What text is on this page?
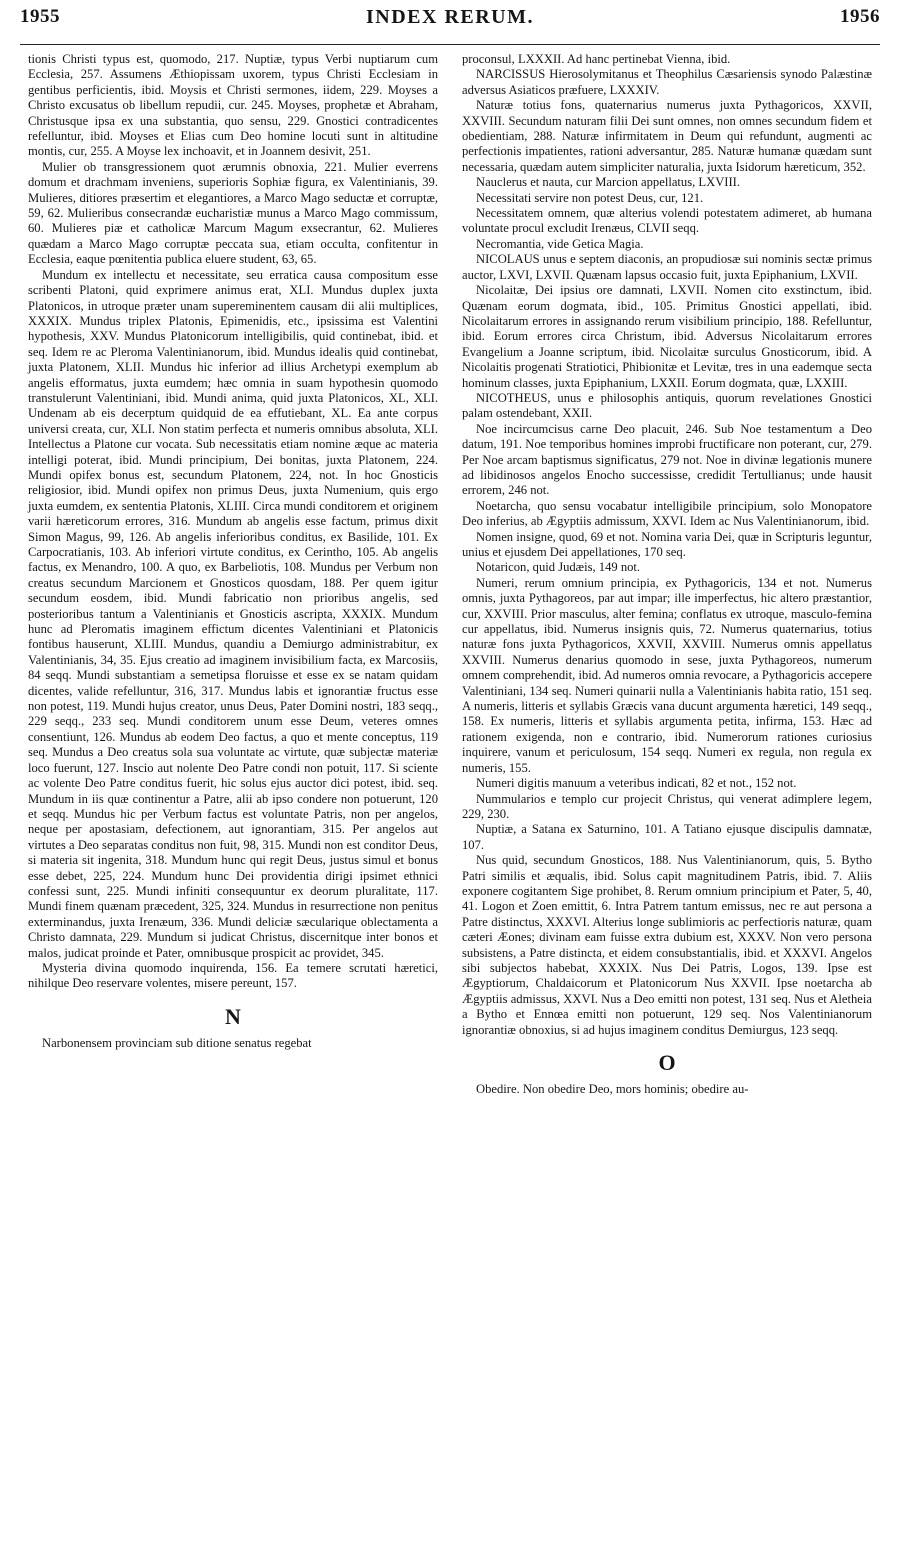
1955	INDEX RERUM.	1956

tionis Christi typus est, quomodo, 217. Nuptiæ, typus Verbi nuptiarum cum Ecclesia, 257. Assumens Æthiopissam uxorem, typus Christi Ecclesiam in gentibus perficientis, ibid. Moysis et Christi sermones, iidem, 229. Moyses a Christo excusatus ob libellum repudii, cur. 245. Moyses, prophetæ et Abraham, Christusque ipsa ex una substantia, quo sensu, 229. Gnostici contradicentes refelluntur, ibid. Moyses et Elias cum Deo homine locuti sunt in altitudine montis, cur, 255. A Moyse lex inchoavit, et in Joannem desivit, 251.

Mulier ob transgressionem quot ærumnis obnoxia, 221. Mulier everrens domum et drachmam inveniens, superioris Sophiæ figura, ex Valentinianis, 39. Mulieres, ditiores præsertim et elegantiores, a Marco Mago seductæ et corruptæ, 59, 62. Mulieribus consecrandæ eucharistiæ munus a Marco Mago commissum, 60. Mulieres piæ et catholicæ Marcum Magum exsecrantur, 62. Mulieres quædam a Marco Mago corruptæ peccata sua, etiam occulta, confitentur in Ecclesia, eaque pœnitentia publica eluere student, 63, 65.

Mundum ex intellectu et necessitate, seu erratica causa compositum esse scribenti Platoni, quid exprimere animus erat, XLI. Mundus duplex juxta Platonicos, in utroque præter unam supereminentem causam dii alii multiplices, XXXIX. Mundus triplex Platonis, Epimenidis, etc., ipsissima est Valentini hypothesis, XXV. Mundus Platonicorum intelligibilis, quid continebat, ibid. et seq. Idem re ac Pleroma Valentinianorum, ibid. Mundus idealis quid continebat, juxta Platonem, XLII. Mundus hic inferior ad illius Archetypi exemplum ab angelis efformatus, juxta eumdem; hæc omnia in suam hypothesin quomodo transtulerunt Valentiniani, ibid. Mundi anima, quid juxta Platonicos, XL, XLI. Undenam ab eis decerptum quidquid de ea effutiebant, XL. Ea ante corpus universi creata, cur, XLI. Non statim perfecta et numeris omnibus absoluta, XLI. Intellectus a Platone cur vocata. Sub necessitatis etiam nomine æque ac materia intelligi poterat, ibid. Mundi principium, Dei bonitas, juxta Platonem, 224. Mundi opifex bonus est, secundum Platonem, 224, not. In hoc Gnosticis religiosior, ibid. Mundi opifex non primus Deus, juxta Numenium, quis ergo juxta eumdem, ex sententia Platonis, XLIII. Circa mundi conditorem et originem varii hæreticorum errores, 316. Mundum ab angelis esse factum, primus dixit Simon Magus, 99, 126. Ab angelis inferioribus conditus, ex Basilide, 101. Ex Carpocratianis, 103. Ab inferiori virtute conditus, ex Cerintho, 105. Ab angelis factus, ex Menandro, 100. A quo, ex Barbeliotis, 108. Mundus per Verbum non creatus secundum Marcionem et Gnosticos quosdam, 188. Per quem igitur secundum eosdem, ibid. Mundi fabricatio non prioribus angelis, sed posterioribus tantum a Valentinianis et Gnosticis ascripta, XXXIX. Mundum hunc ad Pleromatis imaginem effictum dicentes Valentiniani et Platonicis fontibus hauserunt, XLIII. Mundus, quandiu a Demiurgo administrabitur, ex Valentinianis, 34, 35. Ejus creatio ad imaginem invisibilium facta, ex Marcosiis, 84 seqq. Mundi substantiam a semetipsa floruisse et esse ex se natam quidam dicentes, valide refelluntur, 316, 317. Mundus labis et ignorantiæ fructus esse non potest, 119. Mundi hujus creator, unus Deus, Pater Domini nostri, 183 seqq., 229 seqq., 233 seq. Mundi conditorem unum esse Deum, veteres omnes consentiunt, 126. Mundus ab eodem Deo factus, a quo et mente conceptus, 119 seq. Mundus a Deo creatus sola sua voluntate ac virtute, quæ subjectæ materiæ loco fuerunt, 127. Inscio aut nolente Deo Patre condi non potuit, 117. Si sciente ac volente Deo Patre conditus fuerit, hic solus ejus auctor dici potest, ibid. seq. Mundum in iis quæ continentur a Patre, alii ab ipso condere non potuerunt, 120 et seqq. Mundus hic per Verbum factus est voluntate Patris, non per angelos, neque per apostasiam, defectionem, aut ignorantiam, 315. Per angelos aut virtutes a Deo separatas conditus non fuit, 98, 315. Mundi non est conditor Deus, si materia sit ingenita, 318. Mundum hunc qui regit Deus, justus simul et bonus esse debet, 225, 224. Mundum hunc Dei providentia dirigi ipsimet ethnici confessi sunt, 225. Mundi infiniti consequuntur ex deorum pluralitate, 117. Mundi finem quænam præcedent, 325, 324. Mundus in resurrectione non penitus exterminandus, juxta Irenæum, 336. Mundi deliciæ sæcularique oblectamenta a Christo damnata, 229. Mundum si judicat Christus, discernitque inter bonos et malos, judicat proinde et Pater, omnibusque prospicit ac providet, 345.

Mysteria divina quomodo inquirenda, 156. Ea temere scrutati hæretici, nihilque Deo reservare volentes, misere pereunt, 157.

N

Narbonensem provinciam sub ditione senatus regebat

proconsul, LXXXII. Ad hanc pertinebat Vienna, ibid.

NARCISSUS Hierosolymitanus et Theophilus Cæsariensis synodo Palæstinæ adversus Asiaticos præfuere, LXXXIV.

Naturæ totius fons, quaternarius numerus juxta Pythagoricos, XXVII, XXVIII. Secundum naturam filii Dei sunt omnes, non omnes secundum fidem et obedientiam, 288. Naturæ infirmitatem in Deum qui refundunt, augmenti ac perfectionis impatientes, rationi adversantur, 285. Naturæ humanæ quædam sunt necessaria, quædam autem simpliciter naturalia, juxta Isidorum hæreticum, 352.

Nauclerus et nauta, cur Marcion appellatus, LXVIII.

Necessitati servire non potest Deus, cur, 121.

Necessitatem omnem, quæ alterius volendi potestatem adimeret, ab humana voluntate procul excludit Irenæus, CLVII seqq.

Necromantia, vide Getica Magia.

NICOLAUS unus e septem diaconis, an propudiosæ sui nominis sectæ primus auctor, LXVI, LXVII. Quænam lapsus occasio fuit, juxta Epiphanium, LXVII.

Nicolaitæ, Dei ipsius ore damnati, LXVII. Nomen cito exstinctum, ibid. Quænam eorum dogmata, ibid., 105. Primitus Gnostici appellati, ibid. Nicolaitarum errores in assignando rerum visibilium principio, 188. Refelluntur, ibid. Eorum errores circa Christum, ibid. Adversus Nicolaitarum errores Evangelium a Joanne scriptum, ibid. Nicolaitæ surculus Gnosticorum, ibid. A Nicolaitis progenati Stratiotici, Phibionitæ et Levitæ, tres in una eademque secta hominum classes, juxta Epiphanium, LXXII. Eorum dogmata, quæ, LXXIII.

NICOTHEUS, unus e philosophis antiquis, quorum revelationes Gnostici palam ostendebant, XXII.

Noe incircumcisus carne Deo placuit, 246. Sub Noe testamentum a Deo datum, 191. Noe temporibus homines improbi fructificare non poterant, cur, 279. Per Noe arcam baptismus significatus, 279 not. Noe in divinæ legationis munere ad libidinosos angelos Enocho successisse, credidit Tertullianus; unde hausit errorem, 246 not.

Noetarcha, quo sensu vocabatur intelligibile principium, solo Monopatore Deo inferius, ab Ægyptiis admissum, XXVI. Idem ac Nus Valentinianorum, ibid.

Nomen insigne, quod, 69 et not. Nomina varia Dei, quæ in Scripturis leguntur, unius et ejusdem Dei appellationes, 170 seq.

Notaricon, quid Judæis, 149 not.

Numeri, rerum omnium principia, ex Pythagoricis, 134 et not. Numerus omnis, juxta Pythagoreos, par aut impar; ille imperfectus, hic altero præstantior, cur, XXVIII. Prior masculus, alter femina; conflatus ex utroque, masculo-femina cur appellatus, ibid. Numerus insignis quis, 72. Numerus quaternarius, totius naturæ fons juxta Pythagoricos, XXVII, XXVIII. Numerus omnis appellatus XXVIII. Numerus denarius quomodo in sese, juxta Pythagoreos, numerum omnem comprehendit, ibid. Ad numeros omnia revocare, a Pythagoricis accepere Valentiniani, 134 seq. Numeri quinarii nulla a Valentinianis habita ratio, 151 seq. A numeris, litteris et syllabis Græcis vana ducunt argumenta hæretici, 149 seqq., 158. Ex numeris, litteris et syllabis argumenta petita, infirma, 153. Hæc ad rationem exigenda, non e contrario, ibid. Numerorum rationes curiosius inquirere, vanum et periculosum, 154 seqq. Numeri ex regula, non regula ex numeris, 155.

Numeri digitis manuum a veteribus indicati, 82 et not., 152 not.

Nummularios e templo cur projecit Christus, qui venerat adimplere legem, 229, 230.

Nuptiæ, a Satana ex Saturnino, 101. A Tatiano ejusque discipulis damnatæ, 107.

Nus quid, secundum Gnosticos, 188. Nus Valentinianorum, quis, 5. Bytho Patri similis et æqualis, ibid. Solus capit magnitudinem Patris, ibid. 7. Aliis exponere cogitantem Sige prohibet, 8. Rerum omnium principium et Pater, 5, 40, 41. Logon et Zoen emittit, 6. Intra Patrem tantum emissus, nec re aut persona a Patre distinctus, XXXVI. Alterius longe sublimioris ac perfectioris naturæ, quam cæteri Æones; divinam eam fuisse extra dubium est, XXXV. Non vero persona subsistens, a Patre distincta, et eidem consubstantialis, ibid. et XXXVI. Angelos sibi subjectos habebat, XXXIX. Nus Dei Patris, Logos, 139. Ipse est Ægyptiorum, Chaldaicorum et Platonicorum Nus XXVII. Ipse noetarcha ab Ægyptiis admissus, XXVI. Nus a Deo emitti non potest, 131 seq. Nus et Aletheia a Bytho et Ennœa emitti non potuerunt, 129 seq. Nos Valentinianorum ignorantiæ obnoxius, si ad hujus imaginem conditus Demiurgus, 123 seqq.

O

Obedire. Non obedire Deo, mors hominis; obedire au-
